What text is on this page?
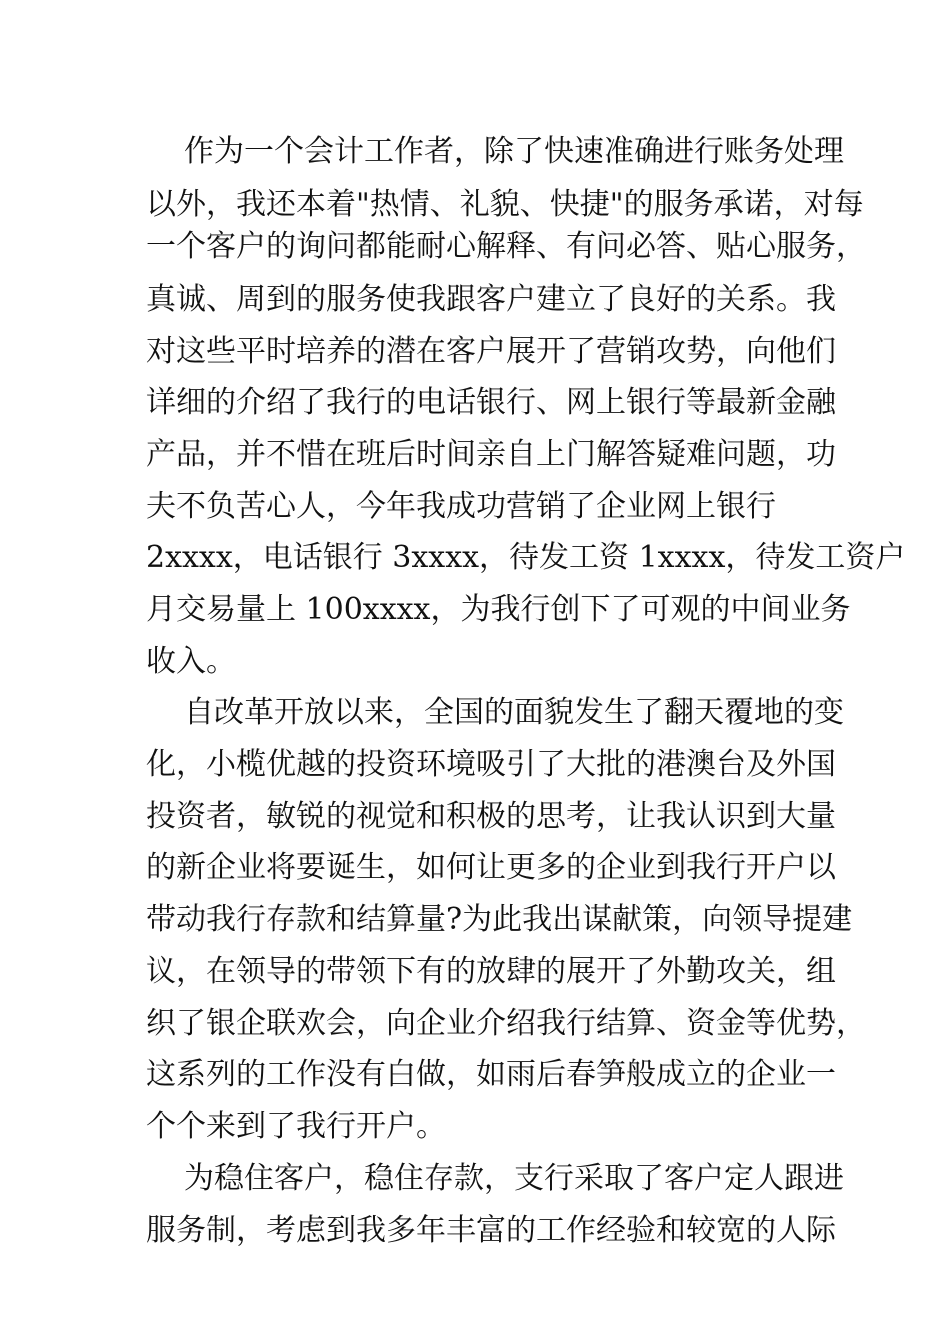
作为一个会计工作者，除了快速准确进行账务处理
以外，我还本着"热情、礼貌、快捷"的服务承诺，对每
一个客户的询问都能耐心解释、有问必答、贴心服务，
真诚、周到的服务使我跟客户建立了良好的关系。我
对这些平时培养的潜在客户展开了营销攻势，向他们
详细的介绍了我行的电话银行、网上银行等最新金融
产品，并不惜在班后时间亲自上门解答疑难问题，功
夫不负苦心人，今年我成功营销了企业网上银行
2xxxx，电话银行 3xxxx，待发工资 1xxxx，待发工资户
月交易量上 100xxxx，为我行创下了可观的中间业务
收入。
自改革开放以来，全国的面貌发生了翻天覆地的变
化，小榄优越的投资环境吸引了大批的港澳台及外国
投资者，敏锐的视觉和积极的思考，让我认识到大量
的新企业将要诞生，如何让更多的企业到我行开户以
带动我行存款和结算量?为此我出谋献策，向领导提建
议，在领导的带领下有的放肆的展开了外勤攻关，组
织了银企联欢会，向企业介绍我行结算、资金等优势，
这系列的工作没有白做，如雨后春笋般成立的企业一
个个来到了我行开户。
为稳住客户，稳住存款，支行采取了客户定人跟进
服务制，考虑到我多年丰富的工作经验和较宽的人际
